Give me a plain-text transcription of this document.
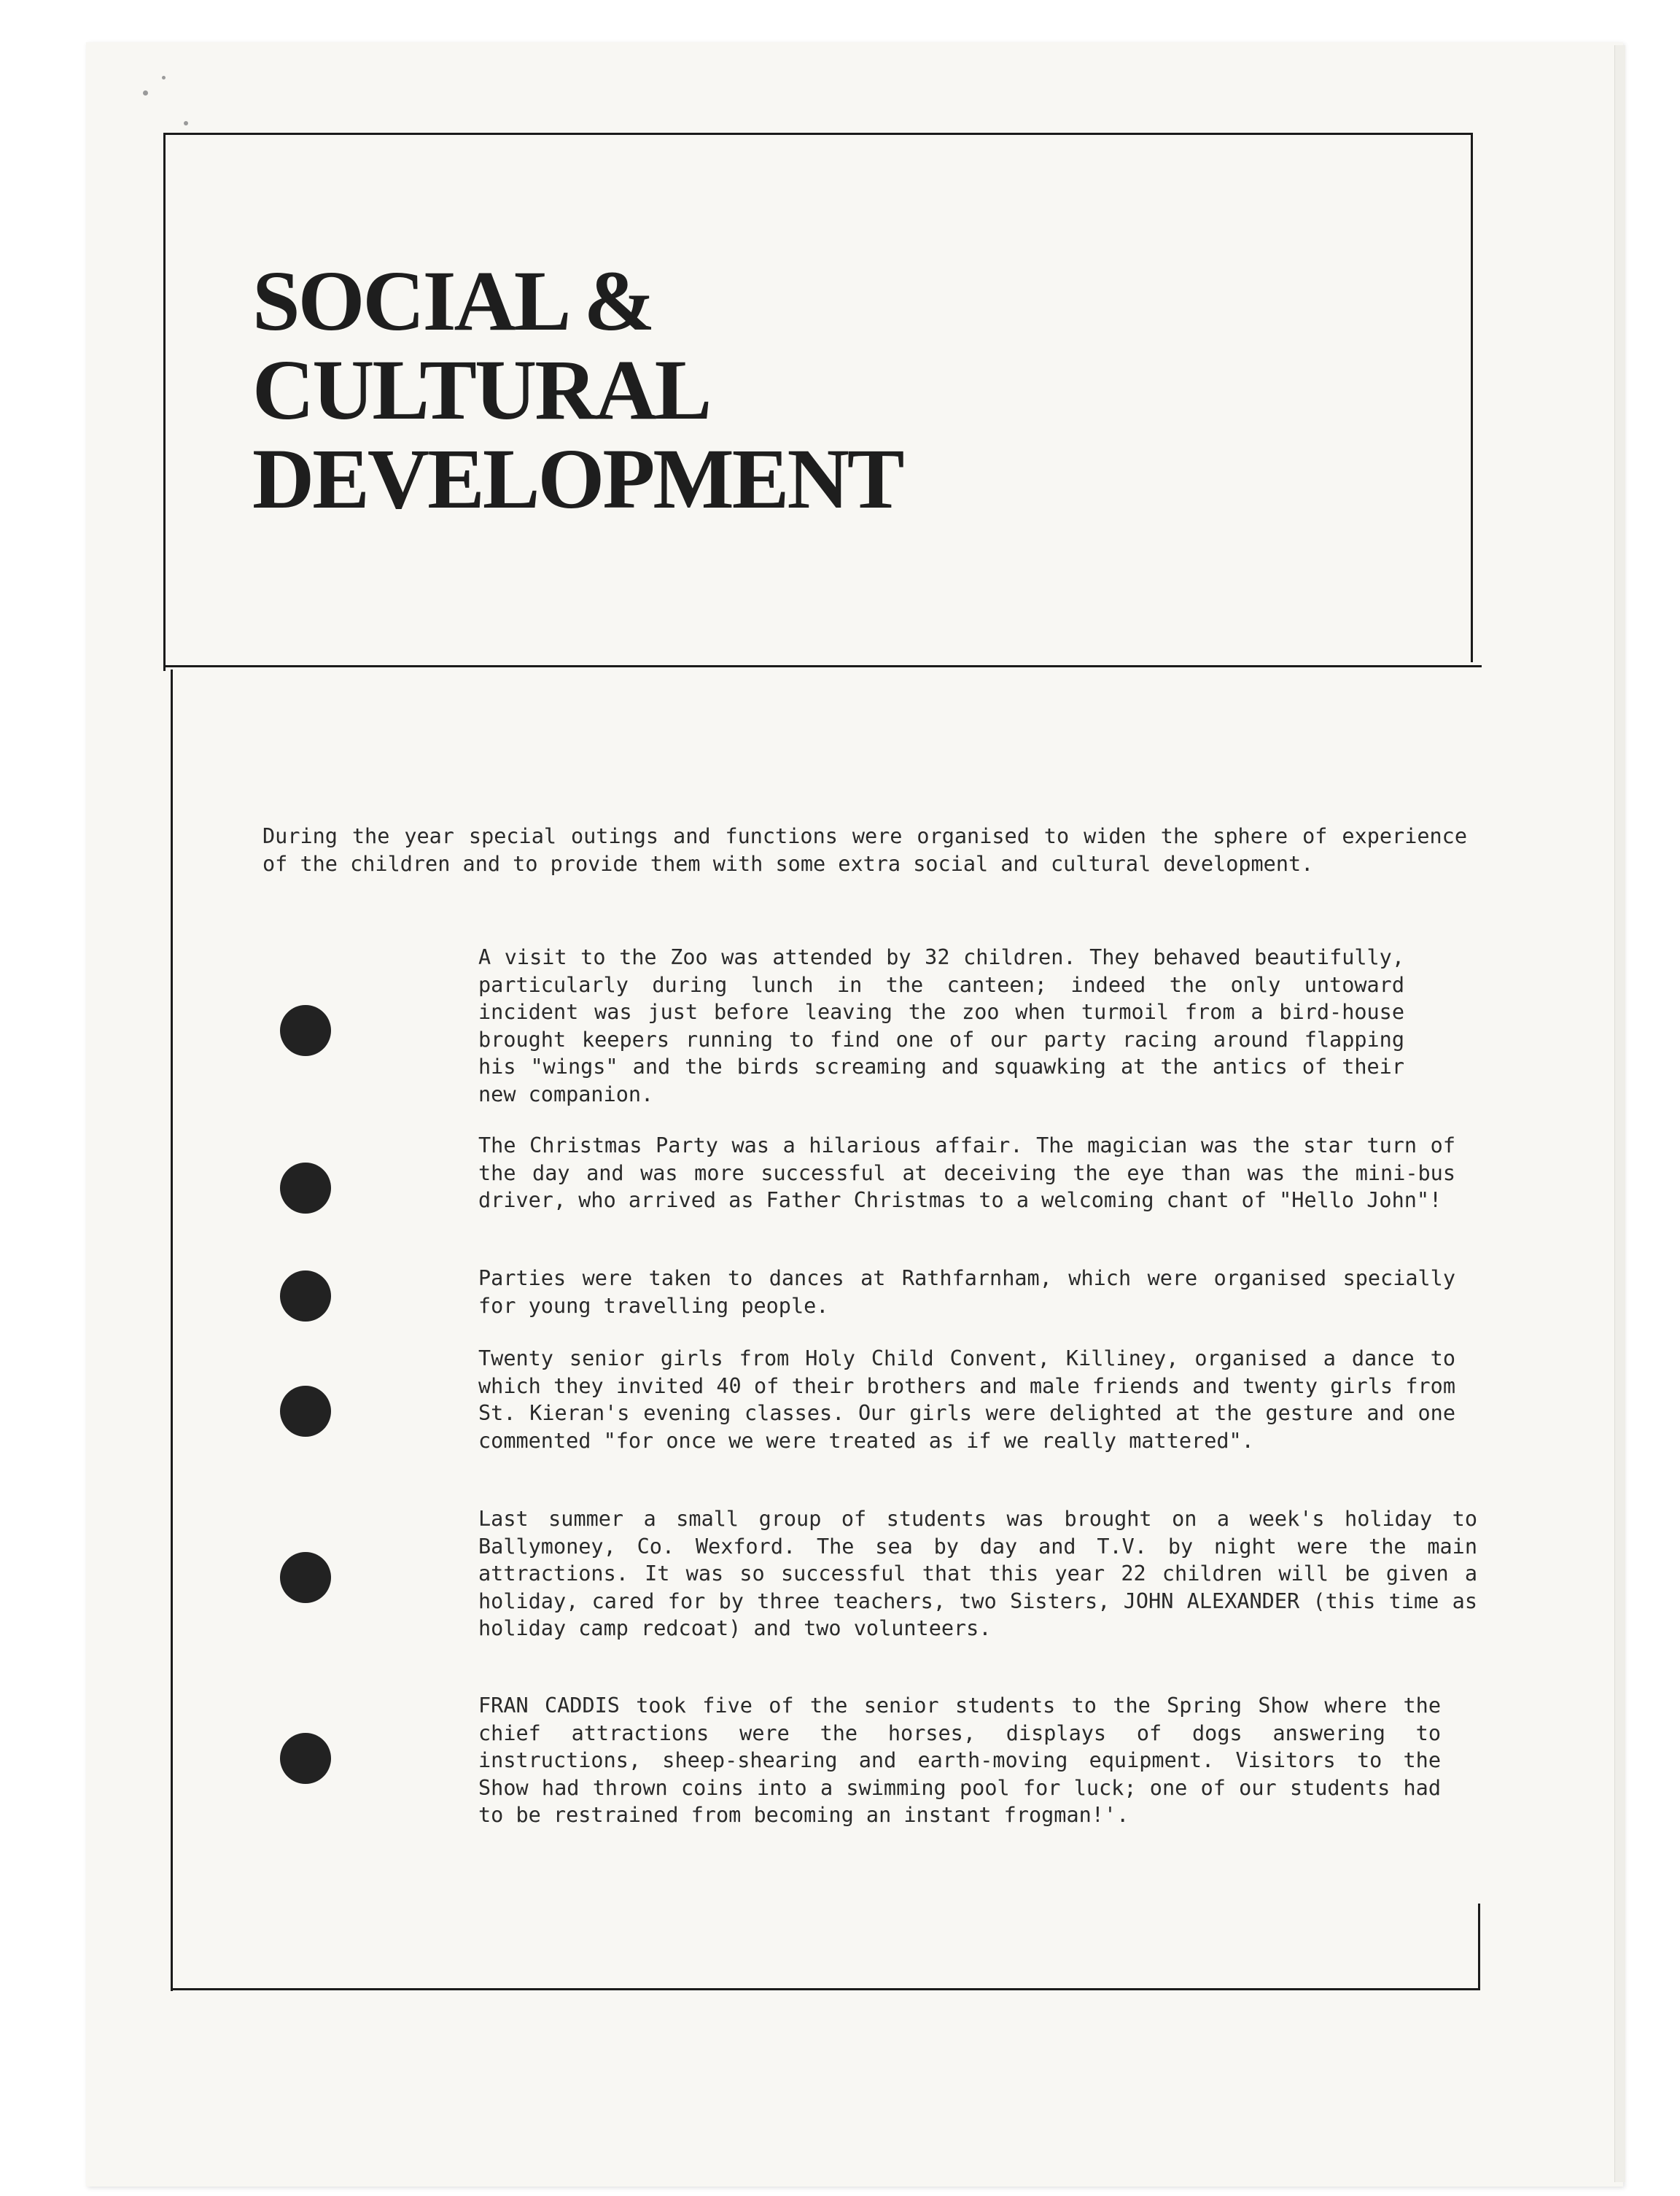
SOCIAL &
CULTURAL
DEVELOPMENT

During the year special outings and functions were organised to widen the sphere of experience of the children and to provide them with some extra social and cultural development.

A visit to the Zoo was attended by 32 children. They behaved beautifully, particularly during lunch in the canteen; indeed the only untoward incident was just before leaving the zoo when turmoil from a bird-house brought keepers running to find one of our party racing around flapping his "wings" and the birds screaming and squawking at the antics of their new companion.

The Christmas Party was a hilarious affair. The magician was the star turn of the day and was more successful at deceiving the eye than was the mini-bus driver, who arrived as Father Christmas to a welcoming chant of "Hello John"!

Parties were taken to dances at Rathfarnham, which were organised specially for young travelling people.

Twenty senior girls from Holy Child Convent, Killiney, organised a dance to which they invited 40 of their brothers and male friends and twenty girls from St. Kieran's evening classes. Our girls were delighted at the gesture and one commented "for once we were treated as if we really mattered".

Last summer a small group of students was brought on a week's holiday to Ballymoney, Co. Wexford. The sea by day and T.V. by night were the main attractions. It was so successful that this year 22 children will be given a holiday, cared for by three teachers, two Sisters, JOHN ALEXANDER (this time as holiday camp redcoat) and two volunteers.

FRAN CADDIS took five of the senior students to the Spring Show where the chief attractions were the horses, displays of dogs answering to instructions, sheep-shearing and earth-moving equipment. Visitors to the Show had thrown coins into a swimming pool for luck; one of our students had to be restrained from becoming an instant frogman!'.
